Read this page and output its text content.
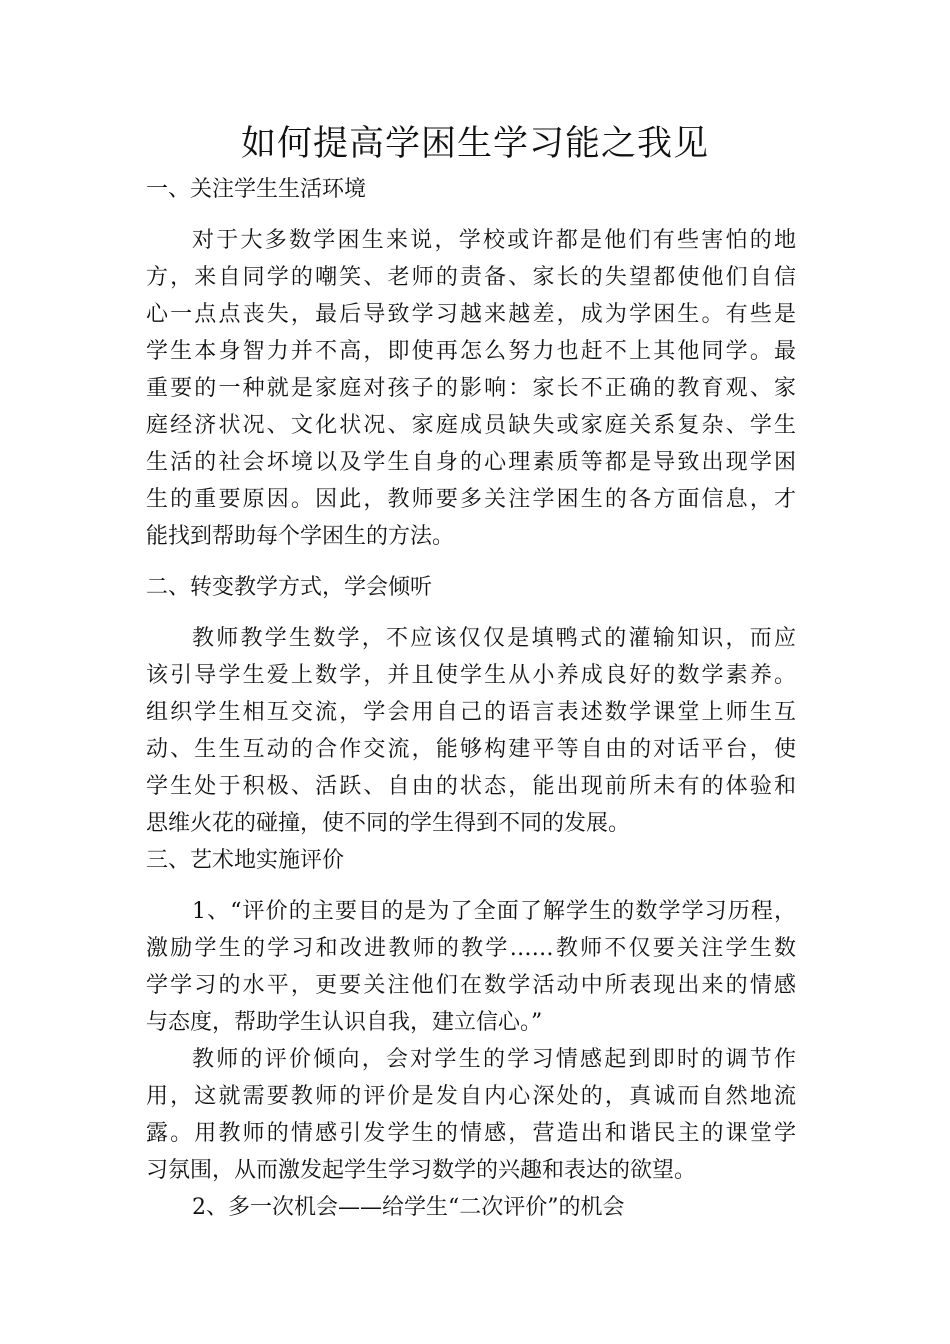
如何提高学困生学习能之我见
一、关注学生生活环境
对于大多数学困生来说，学校或许都是他们有些害怕的地
方，来自同学的嘲笑、老师的责备、家长的失望都使他们自信
心一点点丧失，最后导致学习越来越差，成为学困生。有些是
学生本身智力并不高，即使再怎么努力也赶不上其他同学。最
重要的一种就是家庭对孩子的影响：家长不正确的教育观、家
庭经济状况、文化状况、家庭成员缺失或家庭关系复杂、学生
生活的社会坏境以及学生自身的心理素质等都是导致出现学困
生的重要原因。因此，教师要多关注学困生的各方面信息，才
能找到帮助每个学困生的方法。
二、转变教学方式，学会倾听
教师教学生数学，不应该仅仅是填鸭式的灌输知识，而应
该引导学生爱上数学，并且使学生从小养成良好的数学素养。
组织学生相互交流，学会用自己的语言表述数学课堂上师生互
动、生生互动的合作交流，能够构建平等自由的对话平台，使
学生处于积极、活跃、自由的状态，能出现前所未有的体验和
思维火花的碰撞，使不同的学生得到不同的发展。
三、艺术地实施评价
1、“评价的主要目的是为了全面了解学生的数学学习历程，
激励学生的学习和改进教师的教学……教师不仅要关注学生数
学学习的水平，更要关注他们在数学活动中所表现出来的情感
与态度，帮助学生认识自我，建立信心。”
教师的评价倾向，会对学生的学习情感起到即时的调节作
用，这就需要教师的评价是发自内心深处的，真诚而自然地流
露。用教师的情感引发学生的情感，营造出和谐民主的课堂学
习氛围，从而激发起学生学习数学的兴趣和表达的欲望。
2、多一次机会——给学生“二次评价”的机会
